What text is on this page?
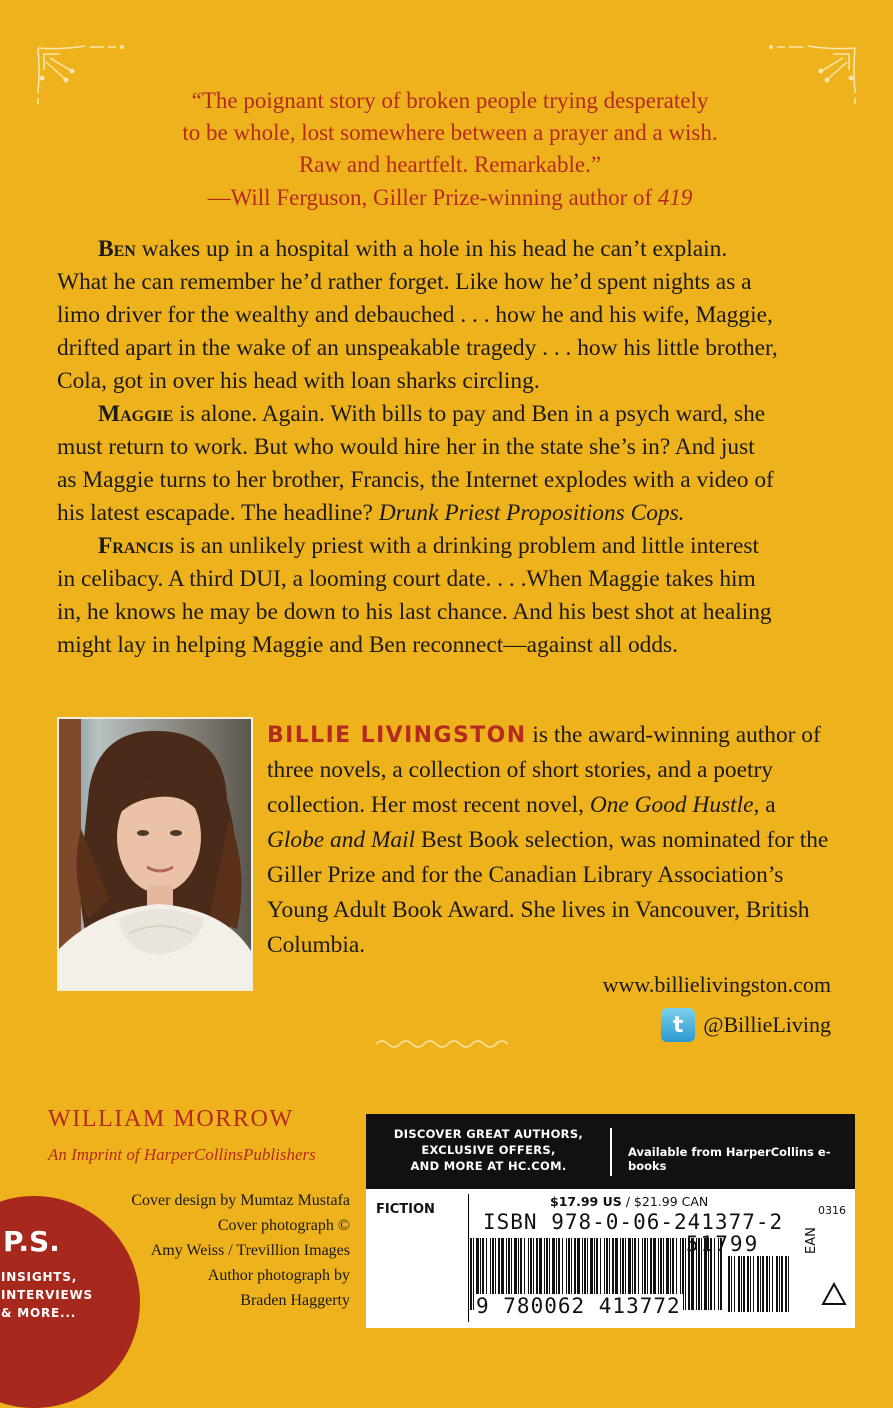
“The poignant story of broken people trying desperately
to be whole, lost somewhere between a prayer and a wish.
Raw and heartfelt. Remarkable.”
—Will Ferguson, Giller Prize-winning author of 419

Ben wakes up in a hospital with a hole in his head he can’t explain. What he can remember he’d rather forget. Like how he’d spent nights as a limo driver for the wealthy and debauched . . . how he and his wife, Maggie, drifted apart in the wake of an unspeakable tragedy . . . how his little brother, Cola, got in over his head with loan sharks circling.

Maggie is alone. Again. With bills to pay and Ben in a psych ward, she must return to work. But who would hire her in the state she’s in? And just as Maggie turns to her brother, Francis, the Internet explodes with a video of his latest escapade. The headline? Drunk Priest Propositions Cops.

Francis is an unlikely priest with a drinking problem and little interest in celibacy. A third DUI, a looming court date. . . .When Maggie takes him in, he knows he may be down to his last chance. And his best shot at healing might lay in helping Maggie and Ben reconnect—against all odds.

BILLIE LIVINGSTON is the award-winning author of three novels, a collection of short stories, and a poetry collection. Her most recent novel, One Good Hustle, a Globe and Mail Best Book selection, was nominated for the Giller Prize and for the Canadian Library Association’s Young Adult Book Award. She lives in Vancouver, British Columbia.
www.billielivingston.com
t @BillieLiving
WILLIAM MORROW
An Imprint of HarperCollinsPublishers
Cover design by Mumtaz Mustafa
Cover photograph ©
Amy Weiss / Trevillion Images
Author photograph by
Braden Haggerty
P.S.
INSIGHTS,
INTERVIEWS
& MORE...
DISCOVER GREAT AUTHORS,
EXCLUSIVE OFFERS,
AND MORE AT HC.COM.
Available from HarperCollins e-books
FICTION
$17.99 US / $21.99 CAN
ISBN 978-0-06-241377-2	0316
EAN
51799
9 780062 413772
